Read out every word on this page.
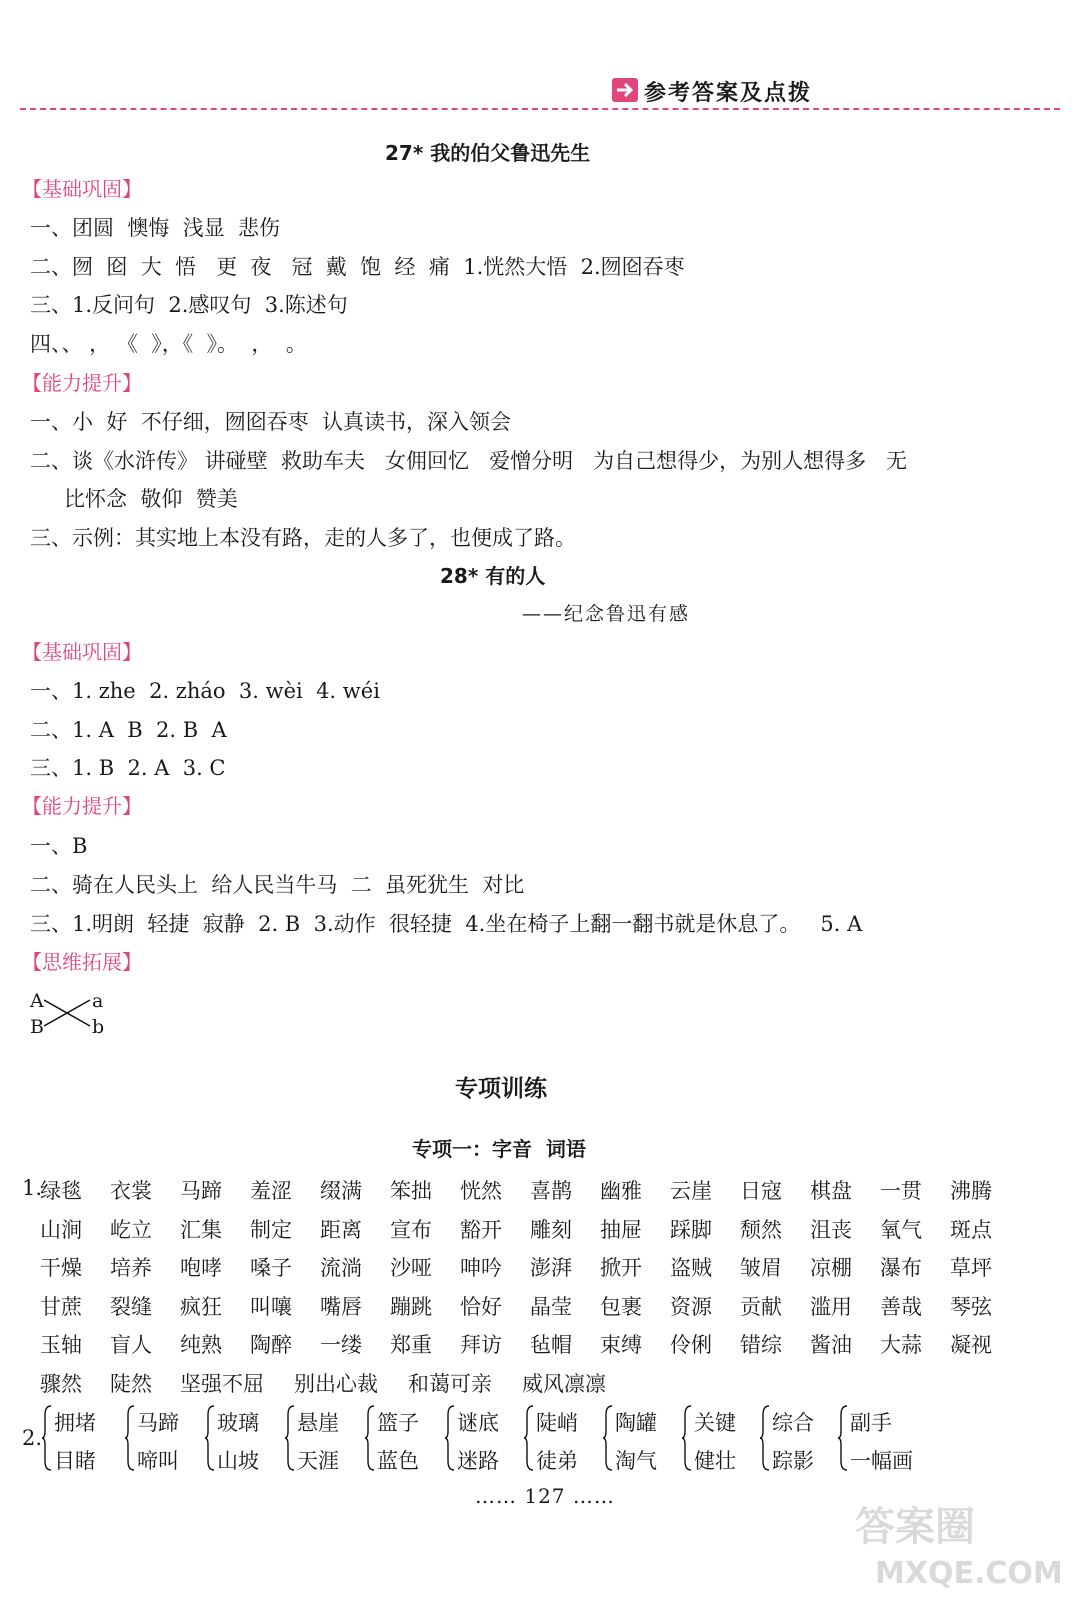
参考答案及点拨
27* 我的伯父鲁迅先生
【基础巩固】
一、团圆  懊悔  浅显  悲伤
二、囫  囵  大  悟   更  夜   冠  戴  饱  经  痛  1.恍然大悟  2.囫囵吞枣
三、1.反问句  2.感叹句  3.陈述句
四、、 ， 《  》，《  》。  ，  。
【能力提升】
一、小  好  不仔细，囫囵吞枣  认真读书，深入领会
二、谈《水浒传》 讲碰壁  救助车夫   女佣回忆   爱憎分明   为自己想得少，为别人想得多   无
比怀念  敬仰  赞美
三、示例：其实地上本没有路，走的人多了，也便成了路。
28* 有的人
——纪念鲁迅有感
【基础巩固】
一、1. zhe  2. zháo  3. wèi  4. wéi
二、1. A  B  2. B  A
三、1. B  2. A  3. C
【能力提升】
一、B
二、骑在人民头上  给人民当牛马  二  虽死犹生  对比
三、1.明朗  轻捷  寂静  2. B  3.动作  很轻捷  4.坐在椅子上翻一翻书就是休息了。   5. A
【思维拓展】
A
B
a
b
专项训练
专项一：字音  词语
1.
绿毯	衣裳	马蹄	羞涩	缀满	笨拙	恍然	喜鹊	幽雅	云崖	日寇	棋盘	一贯	沸腾
山涧	屹立	汇集	制定	距离	宣布	豁开	雕刻	抽屉	踩脚	颓然	沮丧	氧气	斑点
干燥	培养	咆哮	嗓子	流淌	沙哑	呻吟	澎湃	掀开	盗贼	皱眉	凉棚	瀑布	草坪
甘蔗	裂缝	疯狂	叫嚷	嘴唇	蹦跳	恰好	晶莹	包裹	资源	贡献	滥用	善哉	琴弦
玉轴	盲人	纯熟	陶醉	一缕	郑重	拜访	毡帽	束缚	伶俐	错综	酱油	大蒜	凝视
骤然	陡然	坚强不屈	别出心裁	和蔼可亲	威风凛凛
2.
拥堵
目睹
马蹄
啼叫
玻璃
山坡
悬崖
天涯
篮子
蓝色
谜底
迷路
陡峭
徒弟
陶罐
淘气
关键
健壮
综合
踪影
副手
一幅画
…… 127 ……
答案圈
MXQE.COM
